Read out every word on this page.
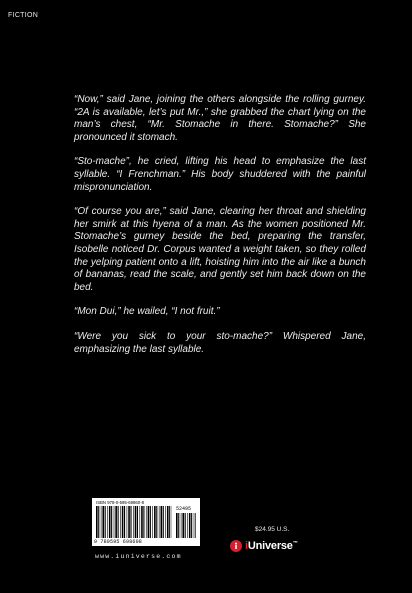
FICTION

“Now,” said Jane, joining the others alongside the rolling gurney. “2A is available, let’s put Mr.,” she grabbed the chart lying on the man’s chest, “Mr. Stomache in there. Stomache?” She pronounced it stomach.

“Sto-mache”, he cried, lifting his head to emphasize the last syllable. “I Frenchman.” His body shuddered with the painful mispronunciation.

“Of course you are,” said Jane, clearing her throat and shielding her smirk at this hyena of a man. As the women positioned Mr. Stomache’s gurney beside the bed, preparing the transfer, Isobelle noticed Dr. Corpus wanted a weight taken, so they rolled the yelping patient onto a lift, hoisting him into the air like a bunch of bananas, read the scale, and gently set him back down on the bed.

“Mon Dui,” he wailed, “I not fruit.”

“Were you sick to your sto-mache?” Whispered Jane, emphasizing the last syllable.

ISBN 978-0-595-69860-8
52495
9 780595 698608
www.iuniverse.com
$24.95 U.S.
iUniverse™
